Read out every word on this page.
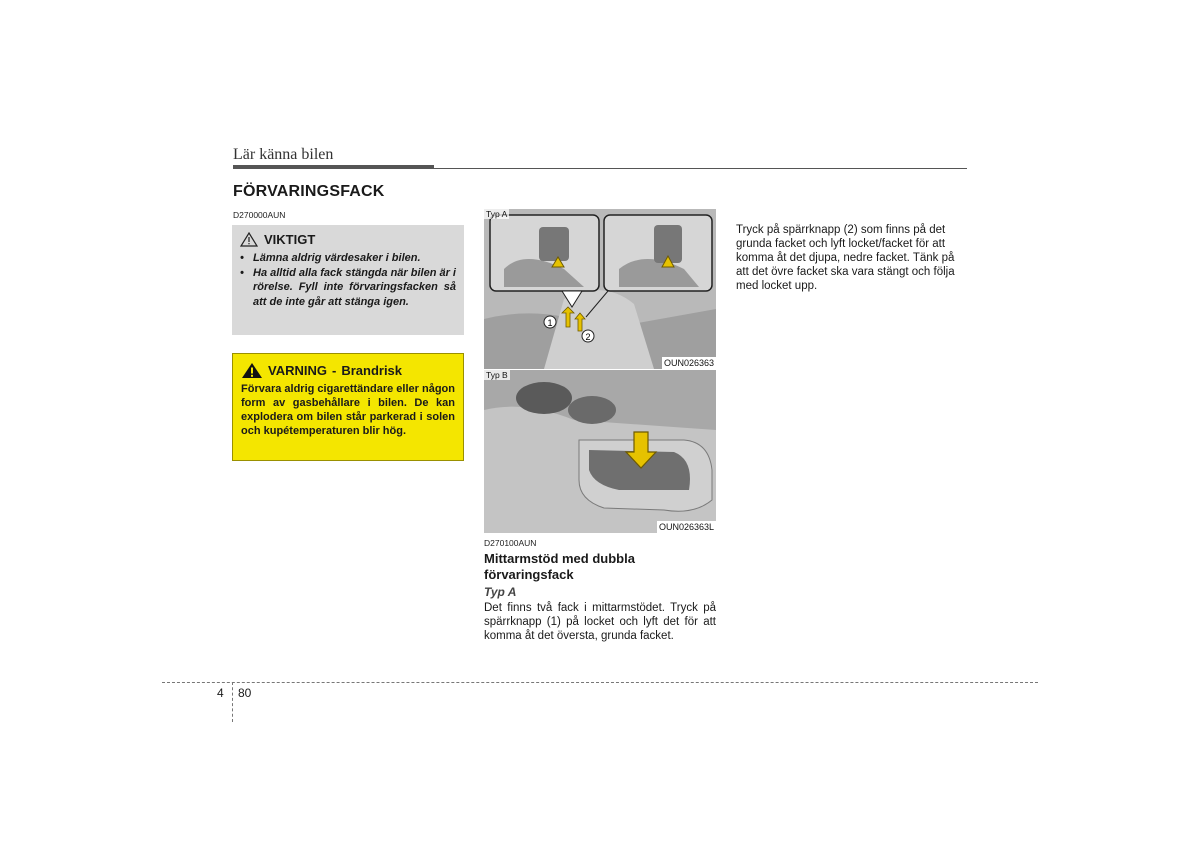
Lär känna bilen
FÖRVARINGSFACK
D270000AUN
VIKTIGT
• Lämna aldrig värdesaker i bilen.
• Ha alltid alla fack stängda när bilen är i rörelse. Fyll inte förvaringsfacken så att de inte går att stänga igen.
VARNING - Brandrisk
Förvara aldrig cigarettändare eller någon form av gasbehållare i bilen. De kan explodera om bilen står parkerad i solen och kupétemperaturen blir hög.
1
2
Typ A
OUN026363
Typ B
OUN026363L
D270100AUN
Mittarmstöd med dubbla förvaringsfack
Typ A
Det finns två fack i mittarmstödet. Tryck på spärrknapp (1) på locket och lyft det för att komma åt det översta, grunda facket.
Tryck på spärrknapp (2) som finns på det grunda facket och lyft locket/facket för att komma åt det djupa, nedre facket. Tänk på att det övre facket ska vara stängt och följa med locket upp.
4 80
